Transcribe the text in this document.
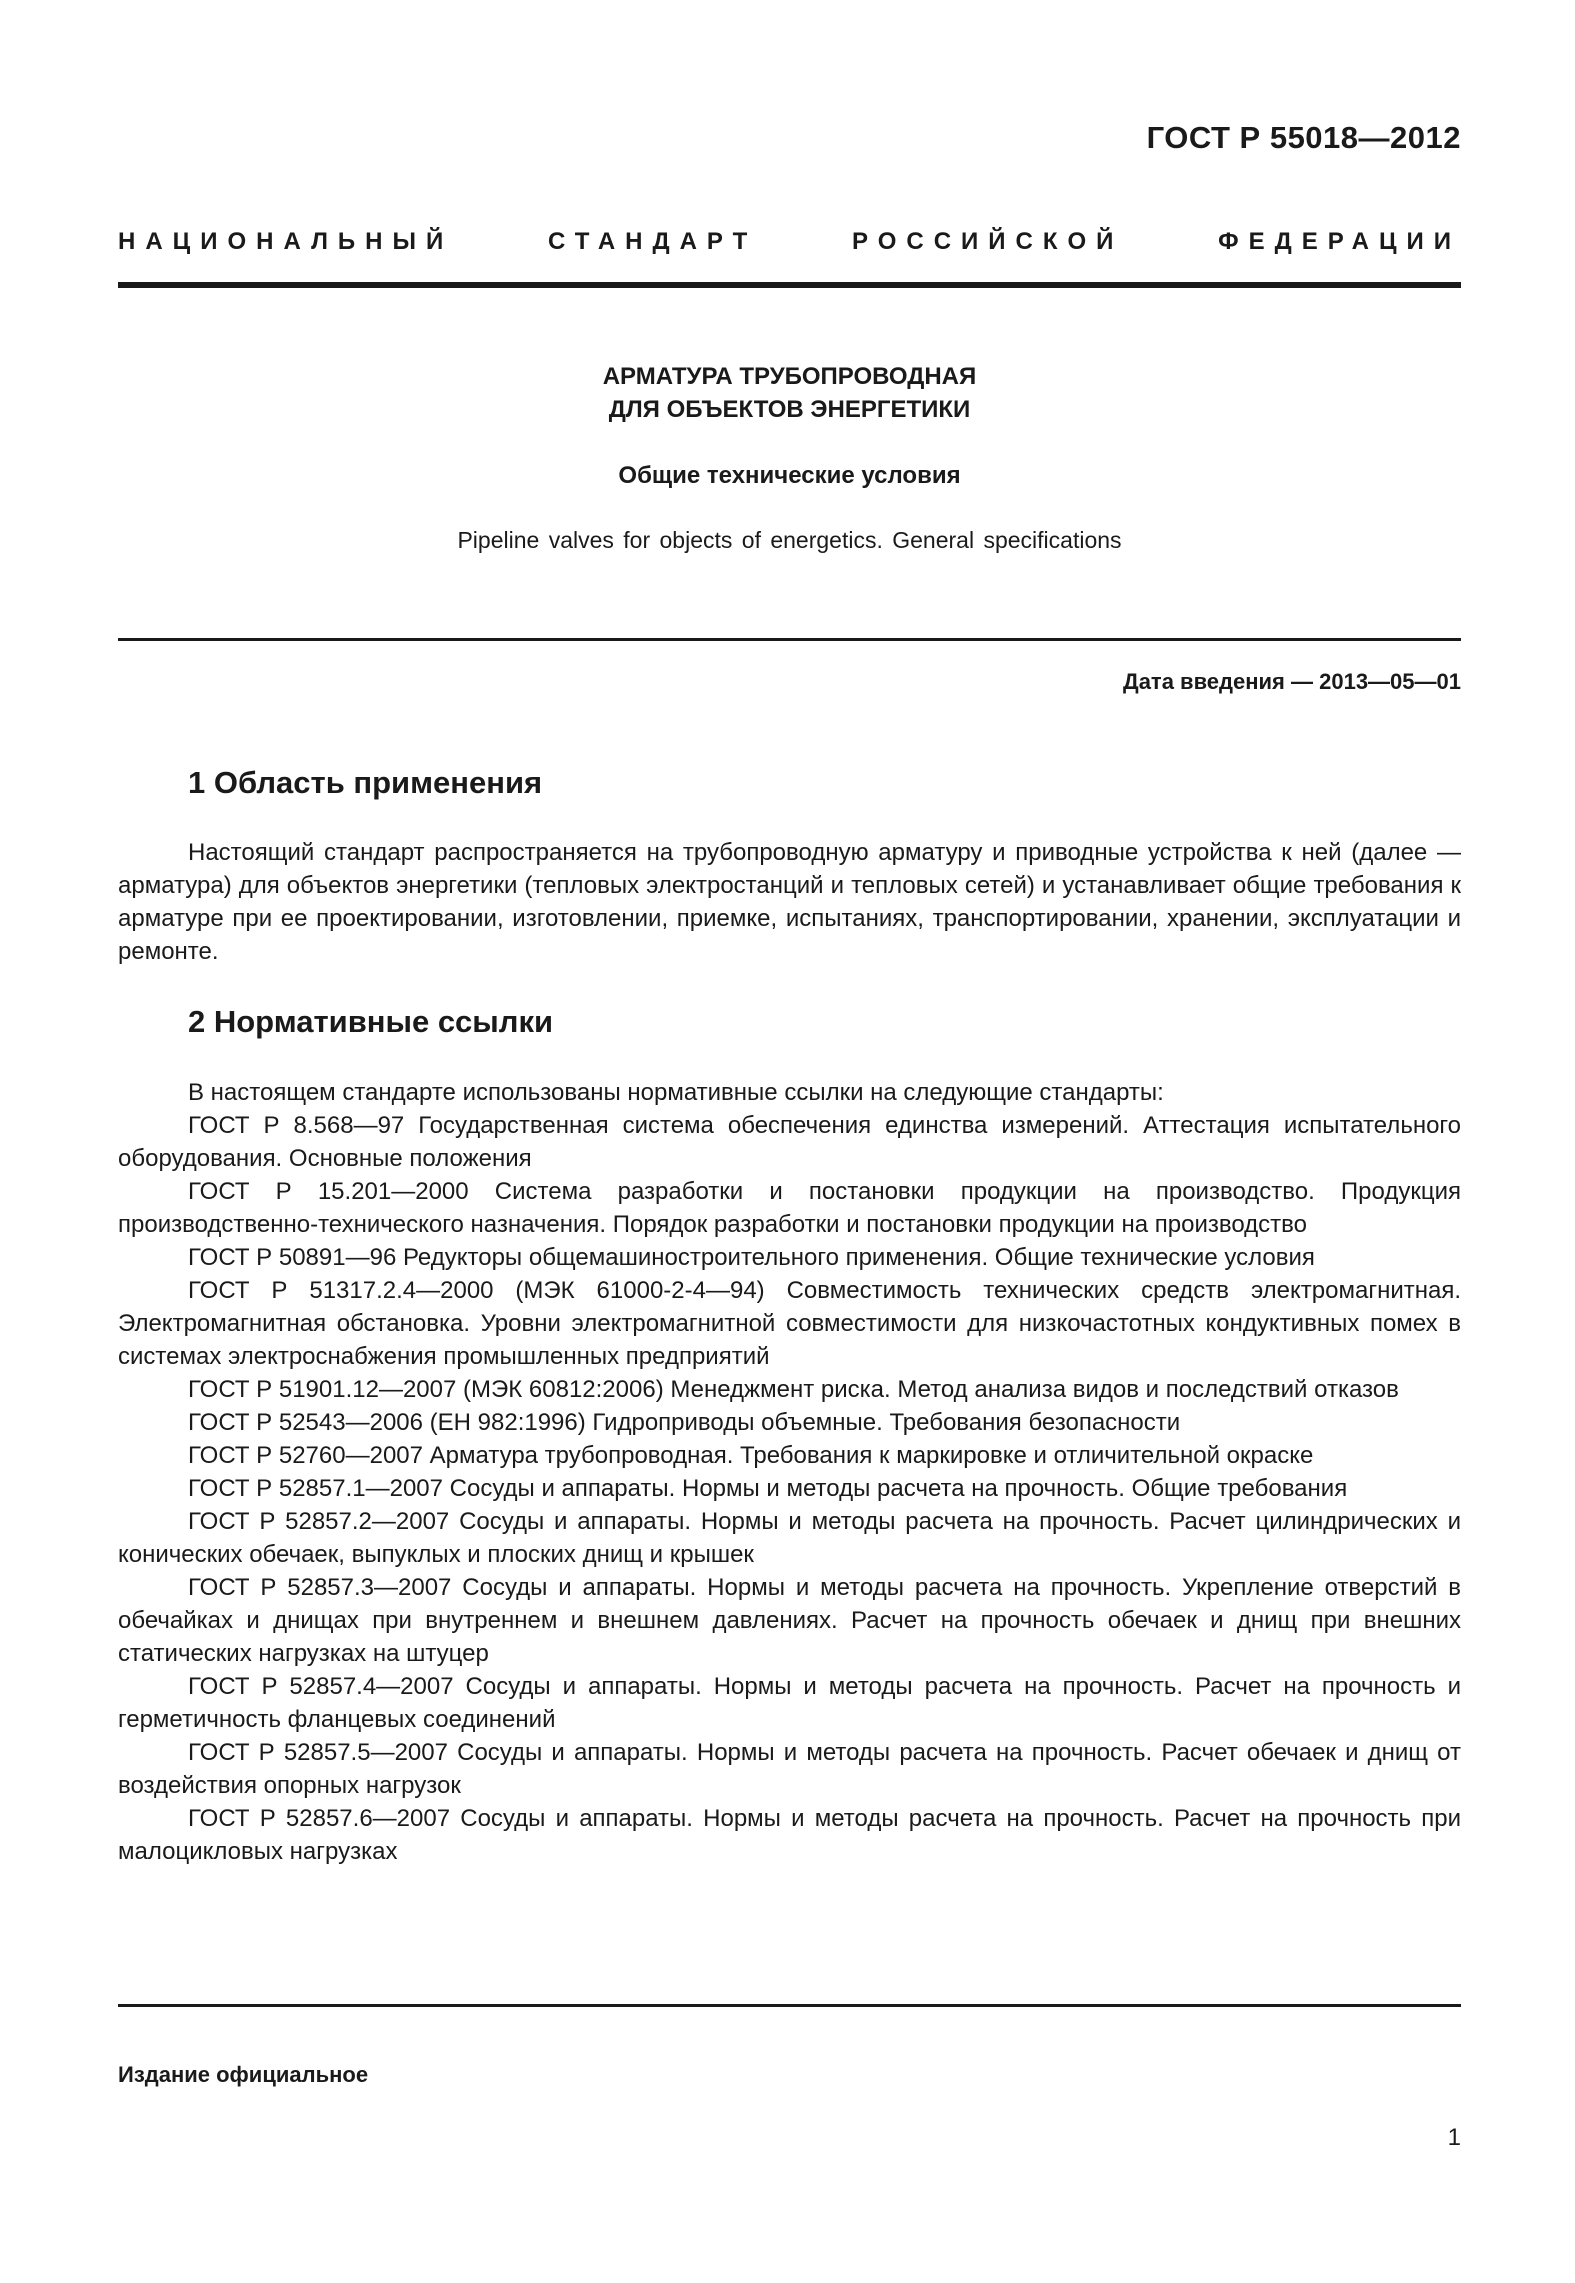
ГОСТ Р 55018—2012
НАЦИОНАЛЬНЫЙ СТАНДАРТ РОССИЙСКОЙ ФЕДЕРАЦИИ
АРМАТУРА ТРУБОПРОВОДНАЯ
ДЛЯ ОБЪЕКТОВ ЭНЕРГЕТИКИ
Общие технические условия
Pipeline valves for objects of energetics. General specifications
Дата введения — 2013—05—01
1 Область применения

Настоящий стандарт распространяется на трубопроводную арматуру и приводные устройства к ней (далее — арматура) для объектов энергетики (тепловых электростанций и тепловых сетей) и устанавливает общие требования к арматуре при ее проектировании, изготовлении, приемке, испытаниях, транспортировании, хранении, эксплуатации и ремонте.

2 Нормативные ссылки

В настоящем стандарте использованы нормативные ссылки на следующие стандарты:

ГОСТ Р 8.568—97 Государственная система обеспечения единства измерений. Аттестация испытательного оборудования. Основные положения

ГОСТ Р 15.201—2000 Система разработки и постановки продукции на производство. Продукция производственно-технического назначения. Порядок разработки и постановки продукции на производство

ГОСТ Р 50891—96 Редукторы общемашиностроительного применения. Общие технические условия

ГОСТ Р 51317.2.4—2000 (МЭК 61000-2-4—94) Совместимость технических средств электромагнитная. Электромагнитная обстановка. Уровни электромагнитной совместимости для низкочастотных кондуктивных помех в системах электроснабжения промышленных предприятий

ГОСТ Р 51901.12—2007 (МЭК 60812:2006) Менеджмент риска. Метод анализа видов и последствий отказов

ГОСТ Р 52543—2006 (ЕН 982:1996) Гидроприводы объемные. Требования безопасности

ГОСТ Р 52760—2007 Арматура трубопроводная. Требования к маркировке и отличительной окраске

ГОСТ Р 52857.1—2007 Сосуды и аппараты. Нормы и методы расчета на прочность. Общие требования

ГОСТ Р 52857.2—2007 Сосуды и аппараты. Нормы и методы расчета на прочность. Расчет цилиндрических и конических обечаек, выпуклых и плоских днищ и крышек

ГОСТ Р 52857.3—2007 Сосуды и аппараты. Нормы и методы расчета на прочность. Укрепление отверстий в обечайках и днищах при внутреннем и внешнем давлениях. Расчет на прочность обечаек и днищ при внешних статических нагрузках на штуцер

ГОСТ Р 52857.4—2007 Сосуды и аппараты. Нормы и методы расчета на прочность. Расчет на прочность и герметичность фланцевых соединений

ГОСТ Р 52857.5—2007 Сосуды и аппараты. Нормы и методы расчета на прочность. Расчет обечаек и днищ от воздействия опорных нагрузок

ГОСТ Р 52857.6—2007 Сосуды и аппараты. Нормы и методы расчета на прочность. Расчет на прочность при малоцикловых нагрузках

Издание официальное
1
